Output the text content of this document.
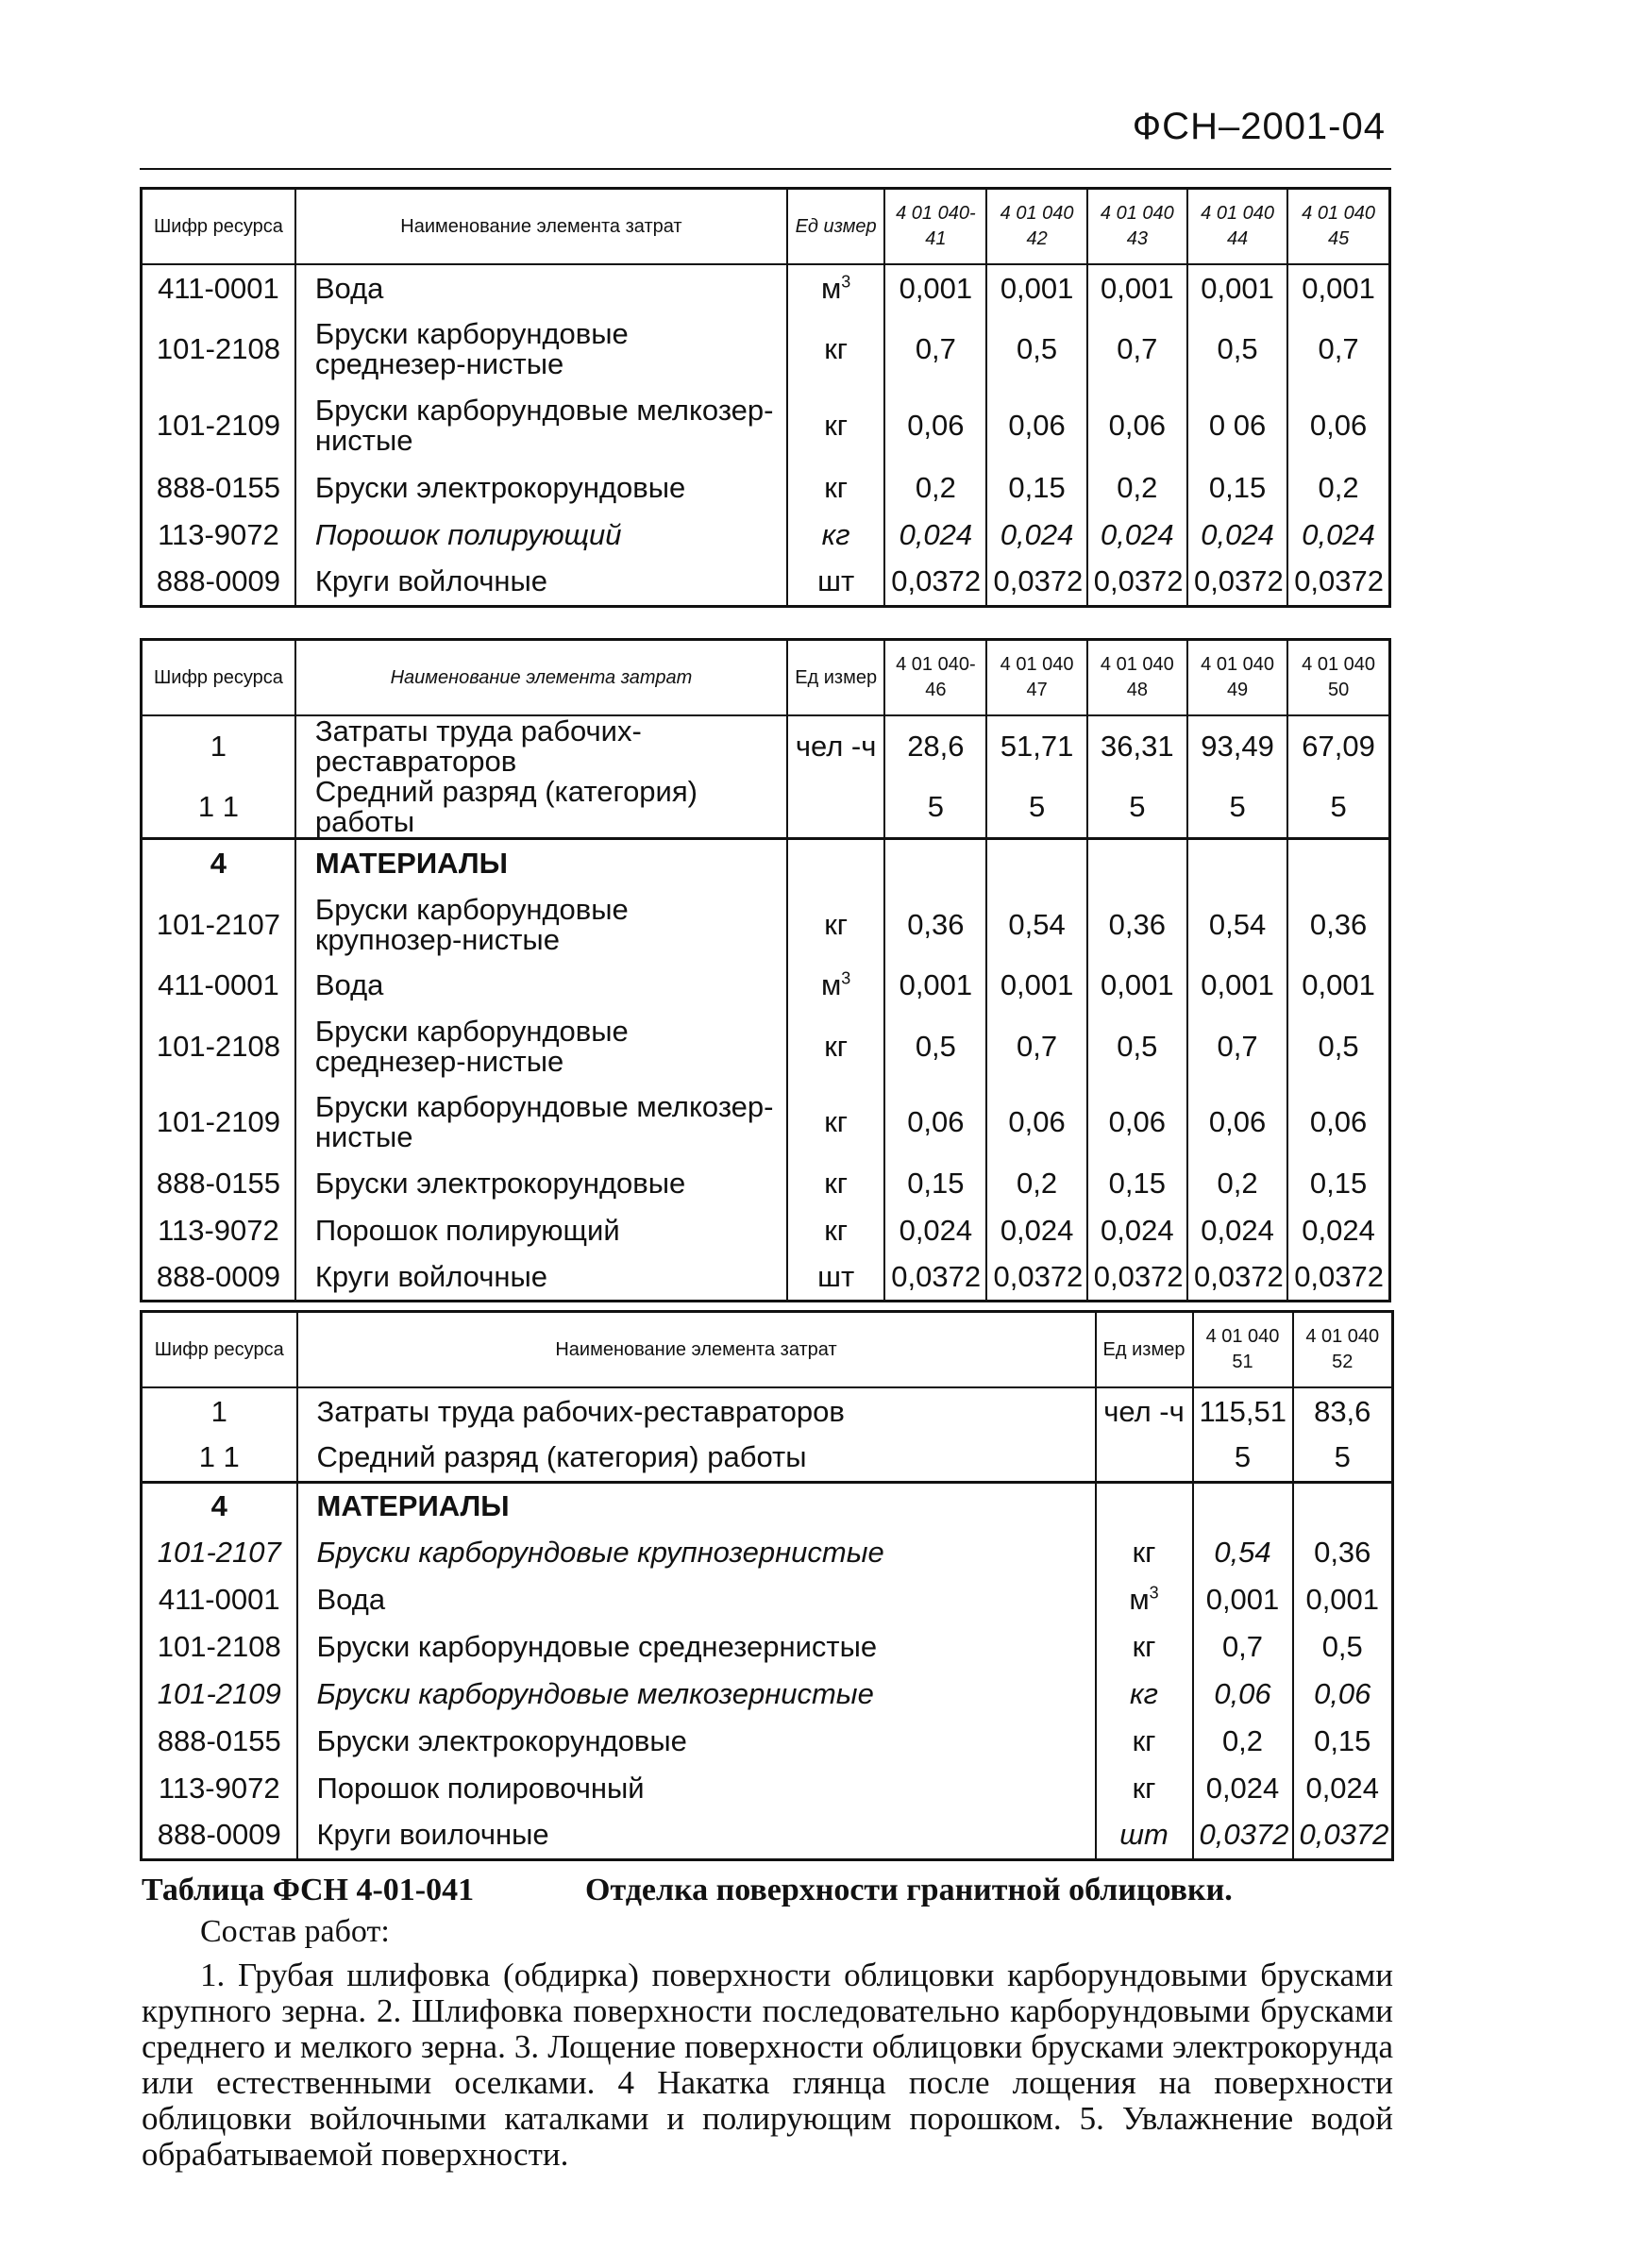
ФСН–2001-04
Шифр ресурса	Наименование элемента затрат	Ед измер	4 01 040-41	4 01 040 42	4 01 040 43	4 01 040 44	4 01 040 45
411-0001	Вода	$м^3$	0,001	0,001	0,001	0,001	0,001
101-2108	Бруски карборундовые среднезер-нистые	кг	0,7	0,5	0,7	0,5	0,7
101-2109	Бруски карборундовые мелкозер-нистые	кг	0,06	0,06	0,06	0 06	0,06
888-0155	Бруски электрокорундовые	кг	0,2	0,15	0,2	0,15	0,2
113-9072	Порошок полирующий	кг	0,024	0,024	0,024	0,024	0,024
888-0009	Круги войлочные	шт	0,0372	0,0372	0,0372	0,0372	0,0372
Шифр ресурса	Наименование элемента затрат	Ед измер	4 01 040-46	4 01 040 47	4 01 040 48	4 01 040 49	4 01 040 50
1	Затраты труда рабочих-реставраторов	чел -ч	28,6	51,71	36,31	93,49	67,09
1 1	Средний разряд (категория) работы		5	5	5	5	5
4	МАТЕРИАЛЫ						
101-2107	Бруски карборундовые крупнозер-нистые	кг	0,36	0,54	0,36	0,54	0,36
411-0001	Вода	$м^3$	0,001	0,001	0,001	0,001	0,001
101-2108	Бруски карборундовые среднезер-нистые	кг	0,5	0,7	0,5	0,7	0,5
101-2109	Бруски карборундовые мелкозер-нистые	кг	0,06	0,06	0,06	0,06	0,06
888-0155	Бруски электрокорундовые	кг	0,15	0,2	0,15	0,2	0,15
113-9072	Порошок полирующий	кг	0,024	0,024	0,024	0,024	0,024
888-0009	Круги войлочные	шт	0,0372	0,0372	0,0372	0,0372	0,0372
Шифр ресурса	Наименование элемента затрат	Ед измер	4 01 040 51	4 01 040 52
1	Затраты труда рабочих-реставраторов	чел -ч	115,51	83,6
1 1	Средний разряд (категория) работы		5	5
4	МАТЕРИАЛЫ			
101-2107	Бруски карборундовые крупнозернистые	кг	0,54	0,36
411-0001	Вода	$м^3$	0,001	0,001
101-2108	Бруски карборундовые среднезернистые	кг	0,7	0,5
101-2109	Бруски карборундовые мелкозернистые	кг	0,06	0,06
888-0155	Бруски электрокорундовые	кг	0,2	0,15
113-9072	Порошок полировочный	кг	0,024	0,024
888-0009	Круги воилочные	шт	0,0372	0,0372
Таблица ФСН 4-01-041	Отделка поверхности гранитной облицовки.
Состав работ:
1. Грубая шлифовка (обдирка) поверхности облицовки карборундовыми брусками крупного зерна. 2. Шлифовка поверхности последовательно карборундовыми брусками среднего и мелкого зерна. 3. Лощение поверхности облицовки брусками электрокорунда или естественными оселками. 4 Накатка глянца после лощения на поверхности облицовки войлочными каталками и полирующим порошком. 5. Увлажнение водой обрабатываемой поверхности.
